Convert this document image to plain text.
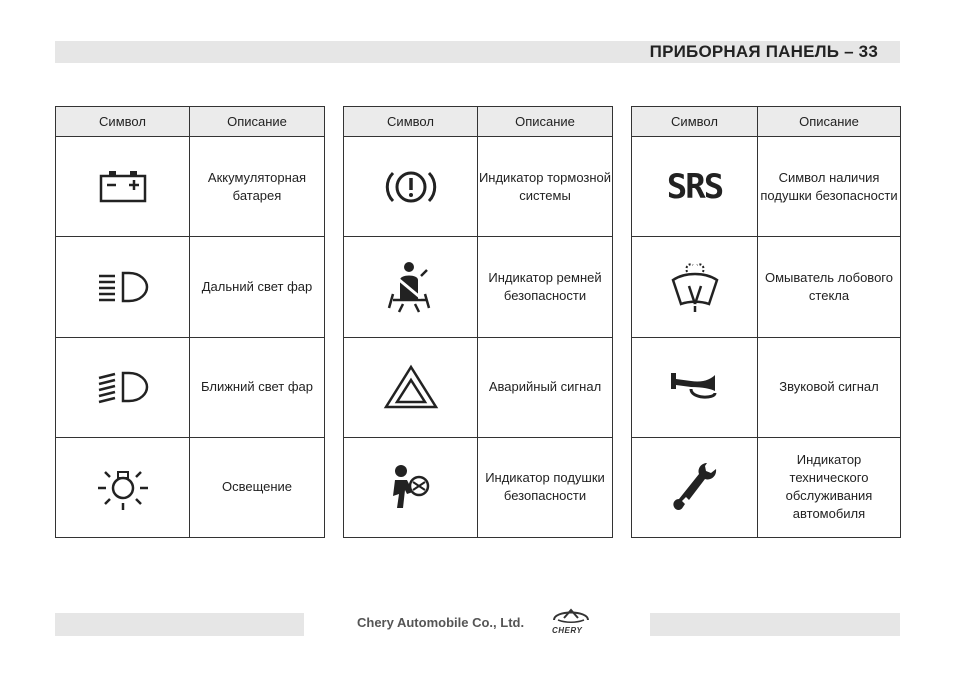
ПРИБОРНАЯ ПАНЕЛЬ – 33
Символ	Описание

	Аккумуляторная батарея

	Дальний свет фар

	Ближний свет фар

	Освещение
Символ	Описание

	Индикатор тормозной системы

	Индикатор ремней безопасности

	Аварийный сигнал

	Индикатор подушки безопасности
Символ	Описание

SRS	Символ наличия подушки безопасности

	Омыватель лобового стекла

	Звуковой сигнал

	Индикатор технического обслуживания автомобиля
Chery Automobile Co., Ltd.
CHERY
